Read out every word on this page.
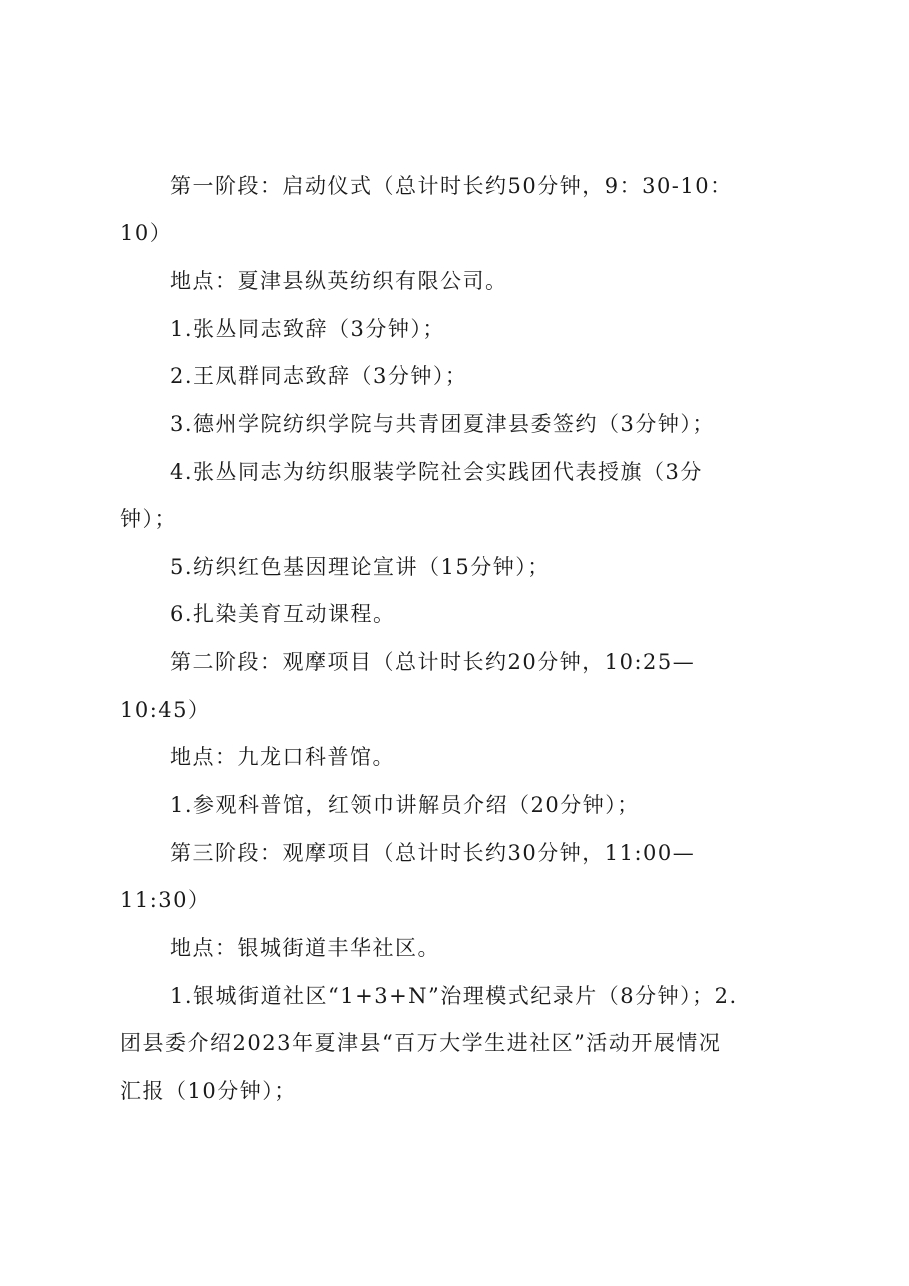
第一阶段：启动仪式（总计时长约50分钟，9：30-10：
10）
地点：夏津县纵英纺织有限公司。
1.张丛同志致辞（3分钟）；
2.王凤群同志致辞（3分钟）；
3.德州学院纺织学院与共青团夏津县委签约（3分钟）；
4.张丛同志为纺织服装学院社会实践团代表授旗（3分
钟）；
5.纺织红色基因理论宣讲（15分钟）；
6.扎染美育互动课程。
第二阶段：观摩项目（总计时长约20分钟，10:25—
10:45）
地点：九龙口科普馆。
1.参观科普馆，红领巾讲解员介绍（20分钟）；
第三阶段：观摩项目（总计时长约30分钟，11:00—
11:30）
地点：银城街道丰华社区。
1.银城街道社区“1+3+N”治理模式纪录片（8分钟）；2.
团县委介绍2023年夏津县“百万大学生进社区”活动开展情况
汇报（10分钟）；
